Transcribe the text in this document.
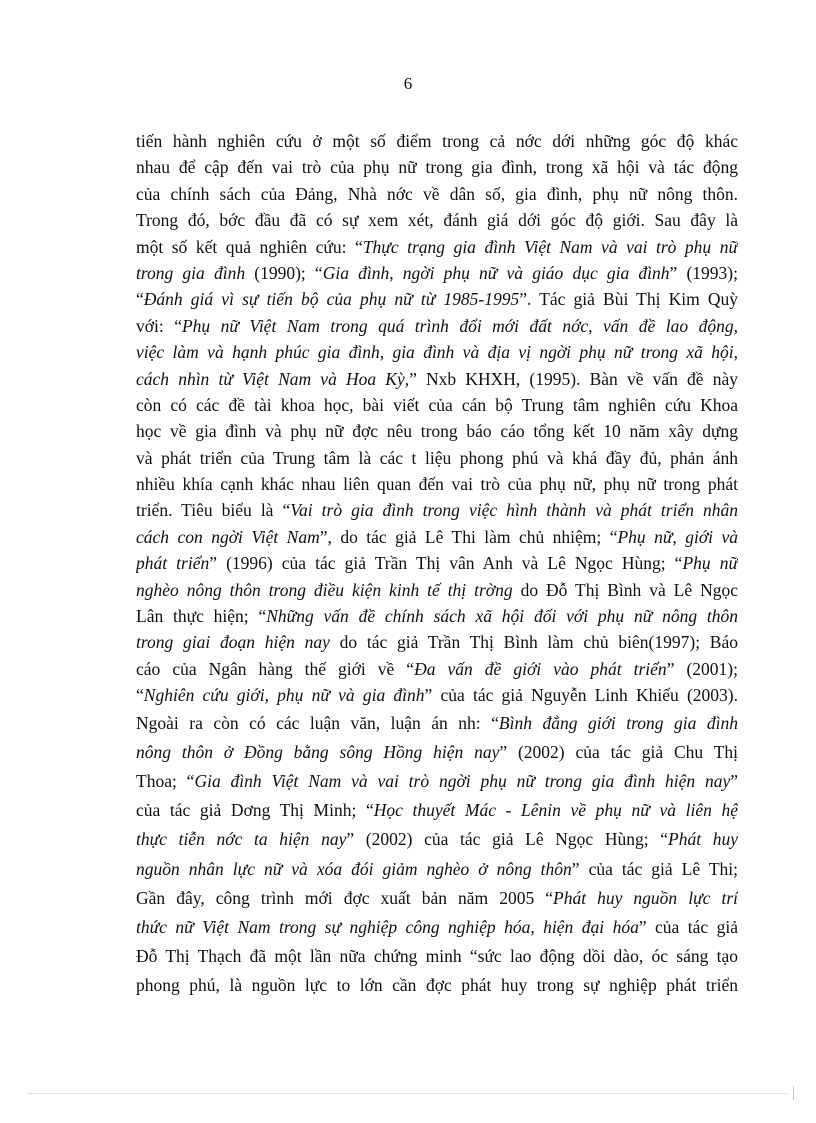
6
tiến hành nghiên cứu ở một số điểm trong cả nớc dới những góc độ khác
nhau để cập đến vai trò của phụ nữ trong gia đình, trong xã hội và tác động
của chính sách của Đảng, Nhà nớc về dân số, gia đình, phụ nữ nông thôn.
Trong đó, bớc đầu đã có sự xem xét, đánh giá dới góc độ giới. Sau đây là
một số kết quả nghiên cứu: “Thực trạng gia đình Việt Nam và vai trò phụ nữ
trong gia đình (1990); “Gia đình, ngời phụ nữ và giáo dục gia đình” (1993);
“Đánh giá vì sự tiến bộ của phụ nữ từ 1985-1995”. Tác giả Bùi Thị Kim Quỳ
với: “Phụ nữ Việt Nam trong quá trình đổi mới đất nớc, vấn đề lao động,
việc làm và hạnh phúc gia đình, gia đình và địa vị ngời phụ nữ trong xã hội,
cách nhìn từ Việt Nam và Hoa Kỳ,” Nxb KHXH, (1995). Bàn về vấn đề này
còn có các đề tài khoa học, bài viết của cán bộ Trung tâm nghiên cứu Khoa
học về gia đình và phụ nữ đợc nêu trong báo cáo tổng kết 10 năm xây dựng
và phát triển của Trung tâm là các t liệu phong phú và khá đầy đủ, phản ánh
nhiều khía cạnh khác nhau liên quan đến vai trò của phụ nữ, phụ nữ trong phát
triển. Tiêu biểu là “Vai trò gia đình trong việc hình thành và phát triển nhân
cách con ngời Việt Nam”, do tác giả Lê Thi làm chủ nhiệm; “Phụ nữ, giới và
phát triển” (1996) của tác giả Trần Thị vân Anh và Lê Ngọc Hùng; “Phụ nữ
nghèo nông thôn trong điều kiện kinh tế thị trờng do Đỗ Thị Bình và Lê Ngọc
Lân thực hiện; “Những vấn đề chính sách xã hội đối với phụ nữ nông thôn
trong giai đoạn hiện nay do tác giả Trần Thị Bình làm chủ biên(1997); Báo
cáo của Ngân hàng thế giới về “Đa vấn đề giới vào phát triển” (2001);
“Nghiên cứu giới, phụ nữ và gia đình” của tác giả Nguyễn Linh Khiếu (2003).
Ngoài ra còn có các luận văn, luận án nh: “Bình đẳng giới trong gia đình
nông thôn ở Đồng bằng sông Hồng hiện nay” (2002) của tác giả Chu Thị
Thoa; “Gia đình Việt Nam và vai trò ngời phụ nữ trong gia đình hiện nay”
của tác giả Dơng Thị Minh; “Học thuyết Mác - Lênin về phụ nữ và liên hệ
thực tiễn nớc ta hiện nay” (2002) của tác giả Lê Ngọc Hùng; “Phát huy
nguồn nhân lực nữ và xóa đói giảm nghèo ở nông thôn” của tác giả Lê Thi;
Gần đây, công trình mới đợc xuất bản năm 2005 “Phát huy nguồn lực trí
thức nữ Việt Nam trong sự nghiệp công nghiệp hóa, hiện đại hóa” của tác giả
Đỗ Thị Thạch đã một lần nữa chứng minh “sức lao động dồi dào, óc sáng tạo
phong phú, là nguồn lực to lớn cần đợc phát huy trong sự nghiệp phát triển
